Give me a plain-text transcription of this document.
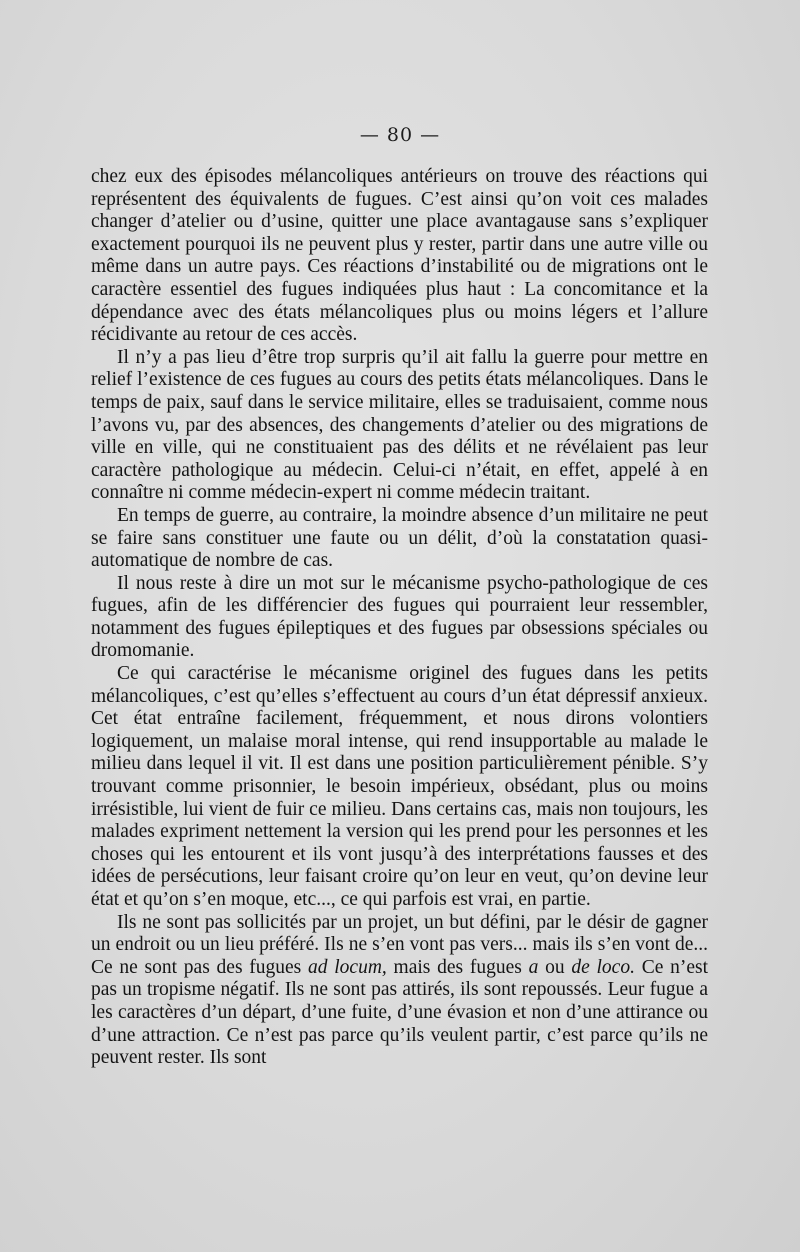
— 80 —

chez eux des épisodes mélancoliques antérieurs on trouve des réactions qui représentent des équivalents de fugues. C’est ainsi qu’on voit ces malades changer d’atelier ou d’usine, quitter une place avantagause sans s’expliquer exactement pourquoi ils ne peuvent plus y rester, partir dans une autre ville ou même dans un autre pays. Ces réactions d’instabilité ou de migrations ont le caractère essentiel des fugues indiquées plus haut : La concomitance et la dépendance avec des états mélancoliques plus ou moins légers et l’allure récidivante au retour de ces accès.

Il n’y a pas lieu d’être trop surpris qu’il ait fallu la guerre pour mettre en relief l’existence de ces fugues au cours des petits états mélancoliques. Dans le temps de paix, sauf dans le service militaire, elles se traduisaient, comme nous l’avons vu, par des absences, des changements d’atelier ou des migrations de ville en ville, qui ne constituaient pas des délits et ne révélaient pas leur caractère pathologique au médecin. Celui-ci n’était, en effet, appelé à en connaître ni comme médecin-expert ni comme médecin traitant.

En temps de guerre, au contraire, la moindre absence d’un militaire ne peut se faire sans constituer une faute ou un délit, d’où la constatation quasi-automatique de nombre de cas.

Il nous reste à dire un mot sur le mécanisme psycho-pathologique de ces fugues, afin de les différencier des fugues qui pourraient leur ressembler, notamment des fugues épileptiques et des fugues par obsessions spéciales ou dromomanie.

Ce qui caractérise le mécanisme originel des fugues dans les petits mélancoliques, c’est qu’elles s’effectuent au cours d’un état dépressif anxieux. Cet état entraîne facilement, fréquemment, et nous dirons volontiers logiquement, un malaise moral intense, qui rend insupportable au malade le milieu dans lequel il vit. Il est dans une position particulièrement pénible. S’y trouvant comme prisonnier, le besoin impérieux, obsédant, plus ou moins irrésistible, lui vient de fuir ce milieu. Dans certains cas, mais non toujours, les malades expriment nettement la version qui les prend pour les personnes et les choses qui les entourent et ils vont jusqu’à des interprétations fausses et des idées de persécutions, leur faisant croire qu’on leur en veut, qu’on devine leur état et qu’on s’en moque, etc..., ce qui parfois est vrai, en partie.

Ils ne sont pas sollicités par un projet, un but défini, par le désir de gagner un endroit ou un lieu préféré. Ils ne s’en vont pas vers... mais ils s’en vont de... Ce ne sont pas des fugues ad locum, mais des fugues a ou de loco. Ce n’est pas un tropisme négatif. Ils ne sont pas attirés, ils sont repoussés. Leur fugue a les caractères d’un départ, d’une fuite, d’une évasion et non d’une attirance ou d’une attraction. Ce n’est pas parce qu’ils veulent partir, c’est parce qu’ils ne peuvent rester. Ils sont
